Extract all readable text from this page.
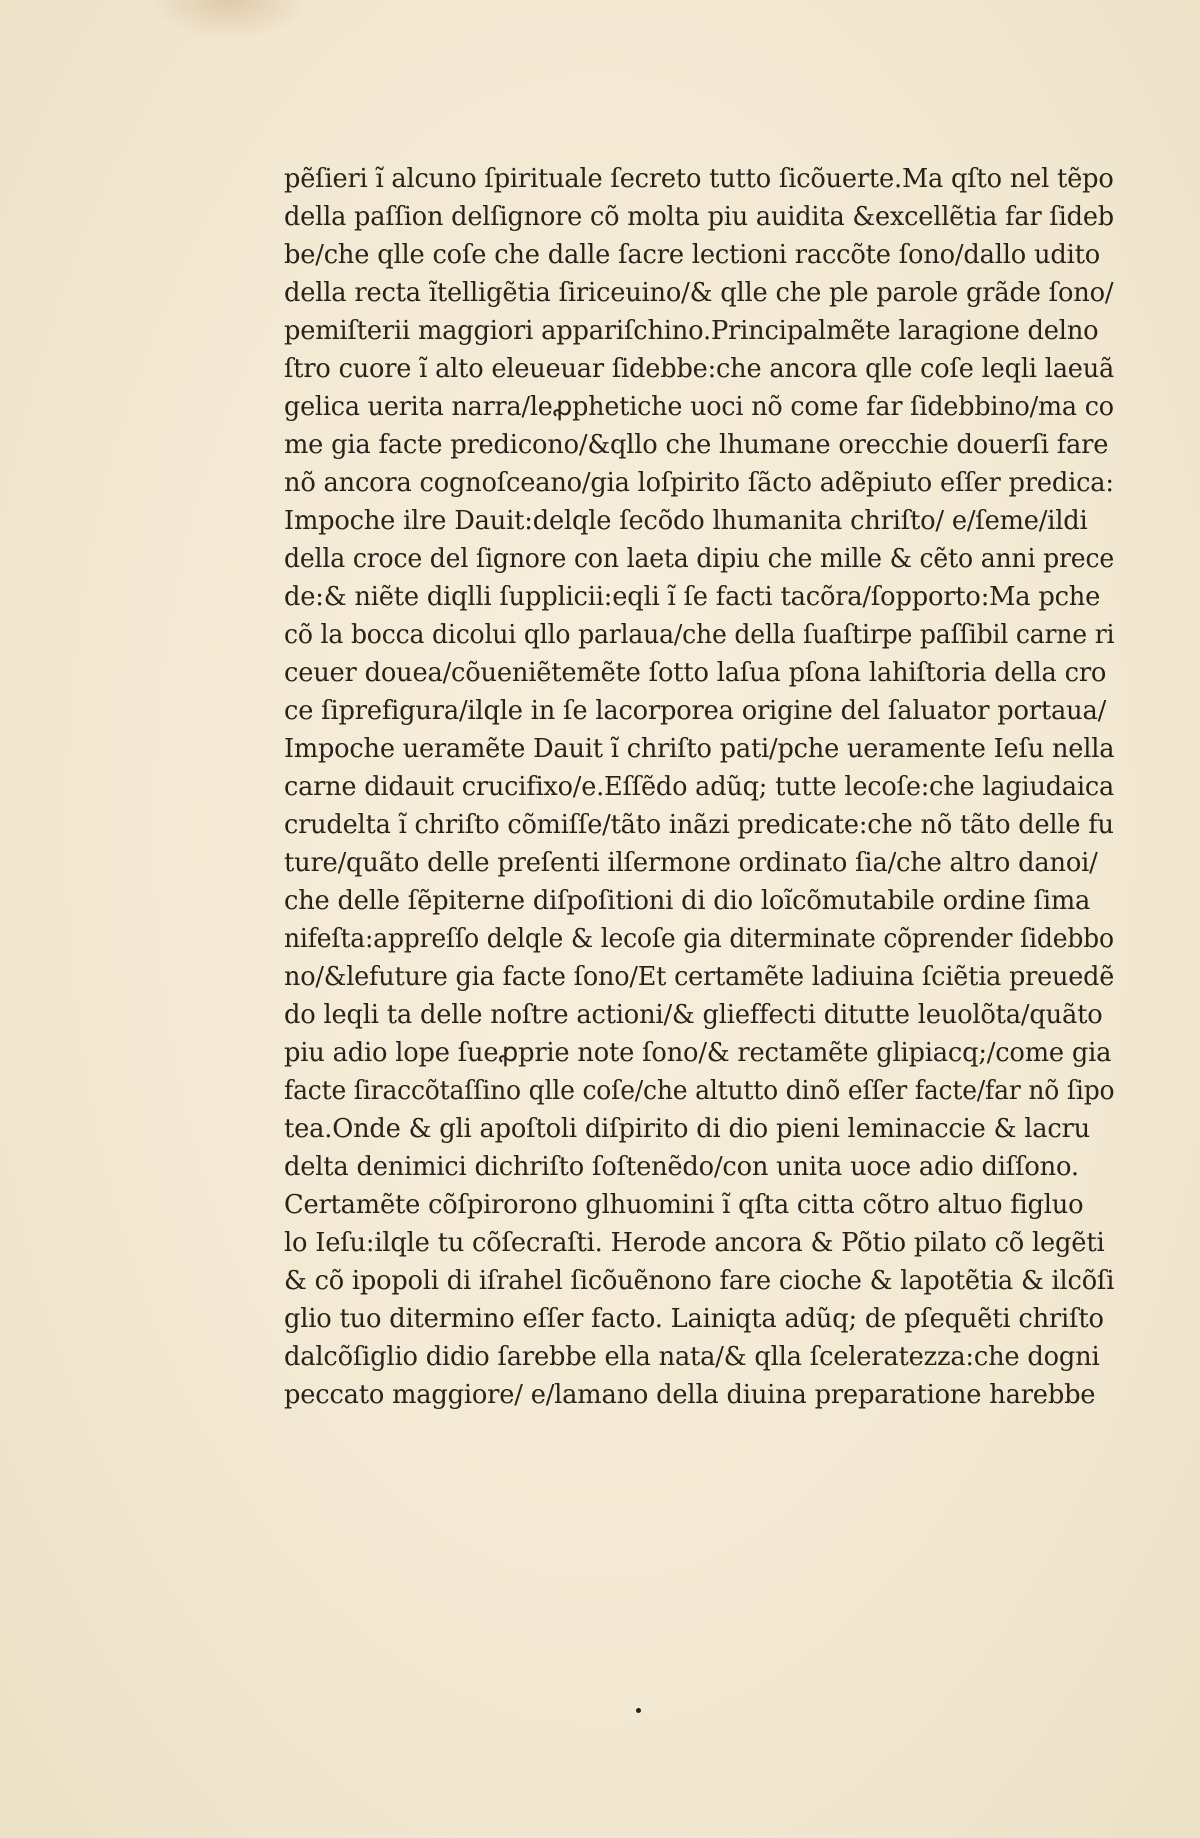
pẽſieri ĩ alcuno ſpirituale ſecreto tutto ſicõuerte.Ma qſto nel tẽpo
della paſſion delſignore cõ molta piu auidita &excellẽtia far ſideb
be/che qlle coſe che dalle ſacre lectioni raccõte ſono/dallo udito
della recta ĩtelligẽtia ſiriceuino/& qlle che ple parole grãde ſono/
pemiſterii maggiori appariſchino.Principalmẽte laragione delno
ſtro cuore ĩ alto eleueuar ſidebbe:che ancora qlle coſe leqli laeuã
gelica uerita narra/leꝓphetiche uoci nõ come far ſidebbino/ma co
me gia facte predicono/&qllo che lhumane orecchie douerſi fare
nõ ancora cognoſceano/gia loſpirito ſãcto adẽpiuto eſſer predica:
Impoche ilre Dauit:delqle ſecõdo lhumanita chriſto/ e/ſeme/ildi
della croce del ſignore con laeta dipiu che mille & cẽto anni prece
de:& niẽte diqlli ſupplicii:eqli ĩ ſe facti tacõra/ſopporto:Ma pche
cõ la bocca dicolui qllo parlaua/che della ſuaſtirpe paſſibil carne ri
ceuer douea/cõueniẽtemẽte ſotto laſua pſona lahiſtoria della cro
ce ſiprefigura/ilqle in ſe lacorporea origine del ſaluator portaua/
Impoche ueramẽte Dauit ĩ chriſto pati/pche ueramente Ieſu nella
carne didauit crucifixo/e.Eſſẽdo adũq; tutte lecoſe:che lagiudaica
crudelta ĩ chriſto cõmiſſe/tãto inãzi predicate:che nõ tãto delle fu
ture/quãto delle preſenti ilſermone ordinato ſia/che altro danoi/
che delle ſẽpiterne diſpoſitioni di dio loĩcõmutabile ordine ſima
nifeſta:appreſſo delqle & lecoſe gia diterminate cõprender ſidebbo
no/&lefuture gia facte ſono/Et certamẽte ladiuina ſciẽtia preuedẽ
do leqli ta delle noſtre actioni/& glieffecti ditutte leuolõta/quãto
piu adio lope ſueꝓprie note ſono/& rectamẽte glipiacq;/come gia
facte ſiraccõtaſſino qlle coſe/che altutto dinõ eſſer facte/far nõ ſipo
tea.Onde & gli apoſtoli diſpirito di dio pieni leminaccie & lacru
delta denimici dichriſto ſoſtenẽdo/con unita uoce adio diſſono.
Certamẽte cõſpirorono glhuomini ĩ qſta citta cõtro altuo figluo
lo Ieſu:ilqle tu cõſecraſti. Herode ancora & Põtio pilato cõ legẽti
& cõ ipopoli di iſrahel ſicõuẽnono fare cioche & lapotẽtia & ilcõſi
glio tuo ditermino eſſer facto. Lainiqta adũq; de pſequẽti chriſto
dalcõſiglio didio ſarebbe ella nata/& qlla ſceleratezza:che dogni
peccato maggiore/ e/lamano della diuina preparatione harebbe
